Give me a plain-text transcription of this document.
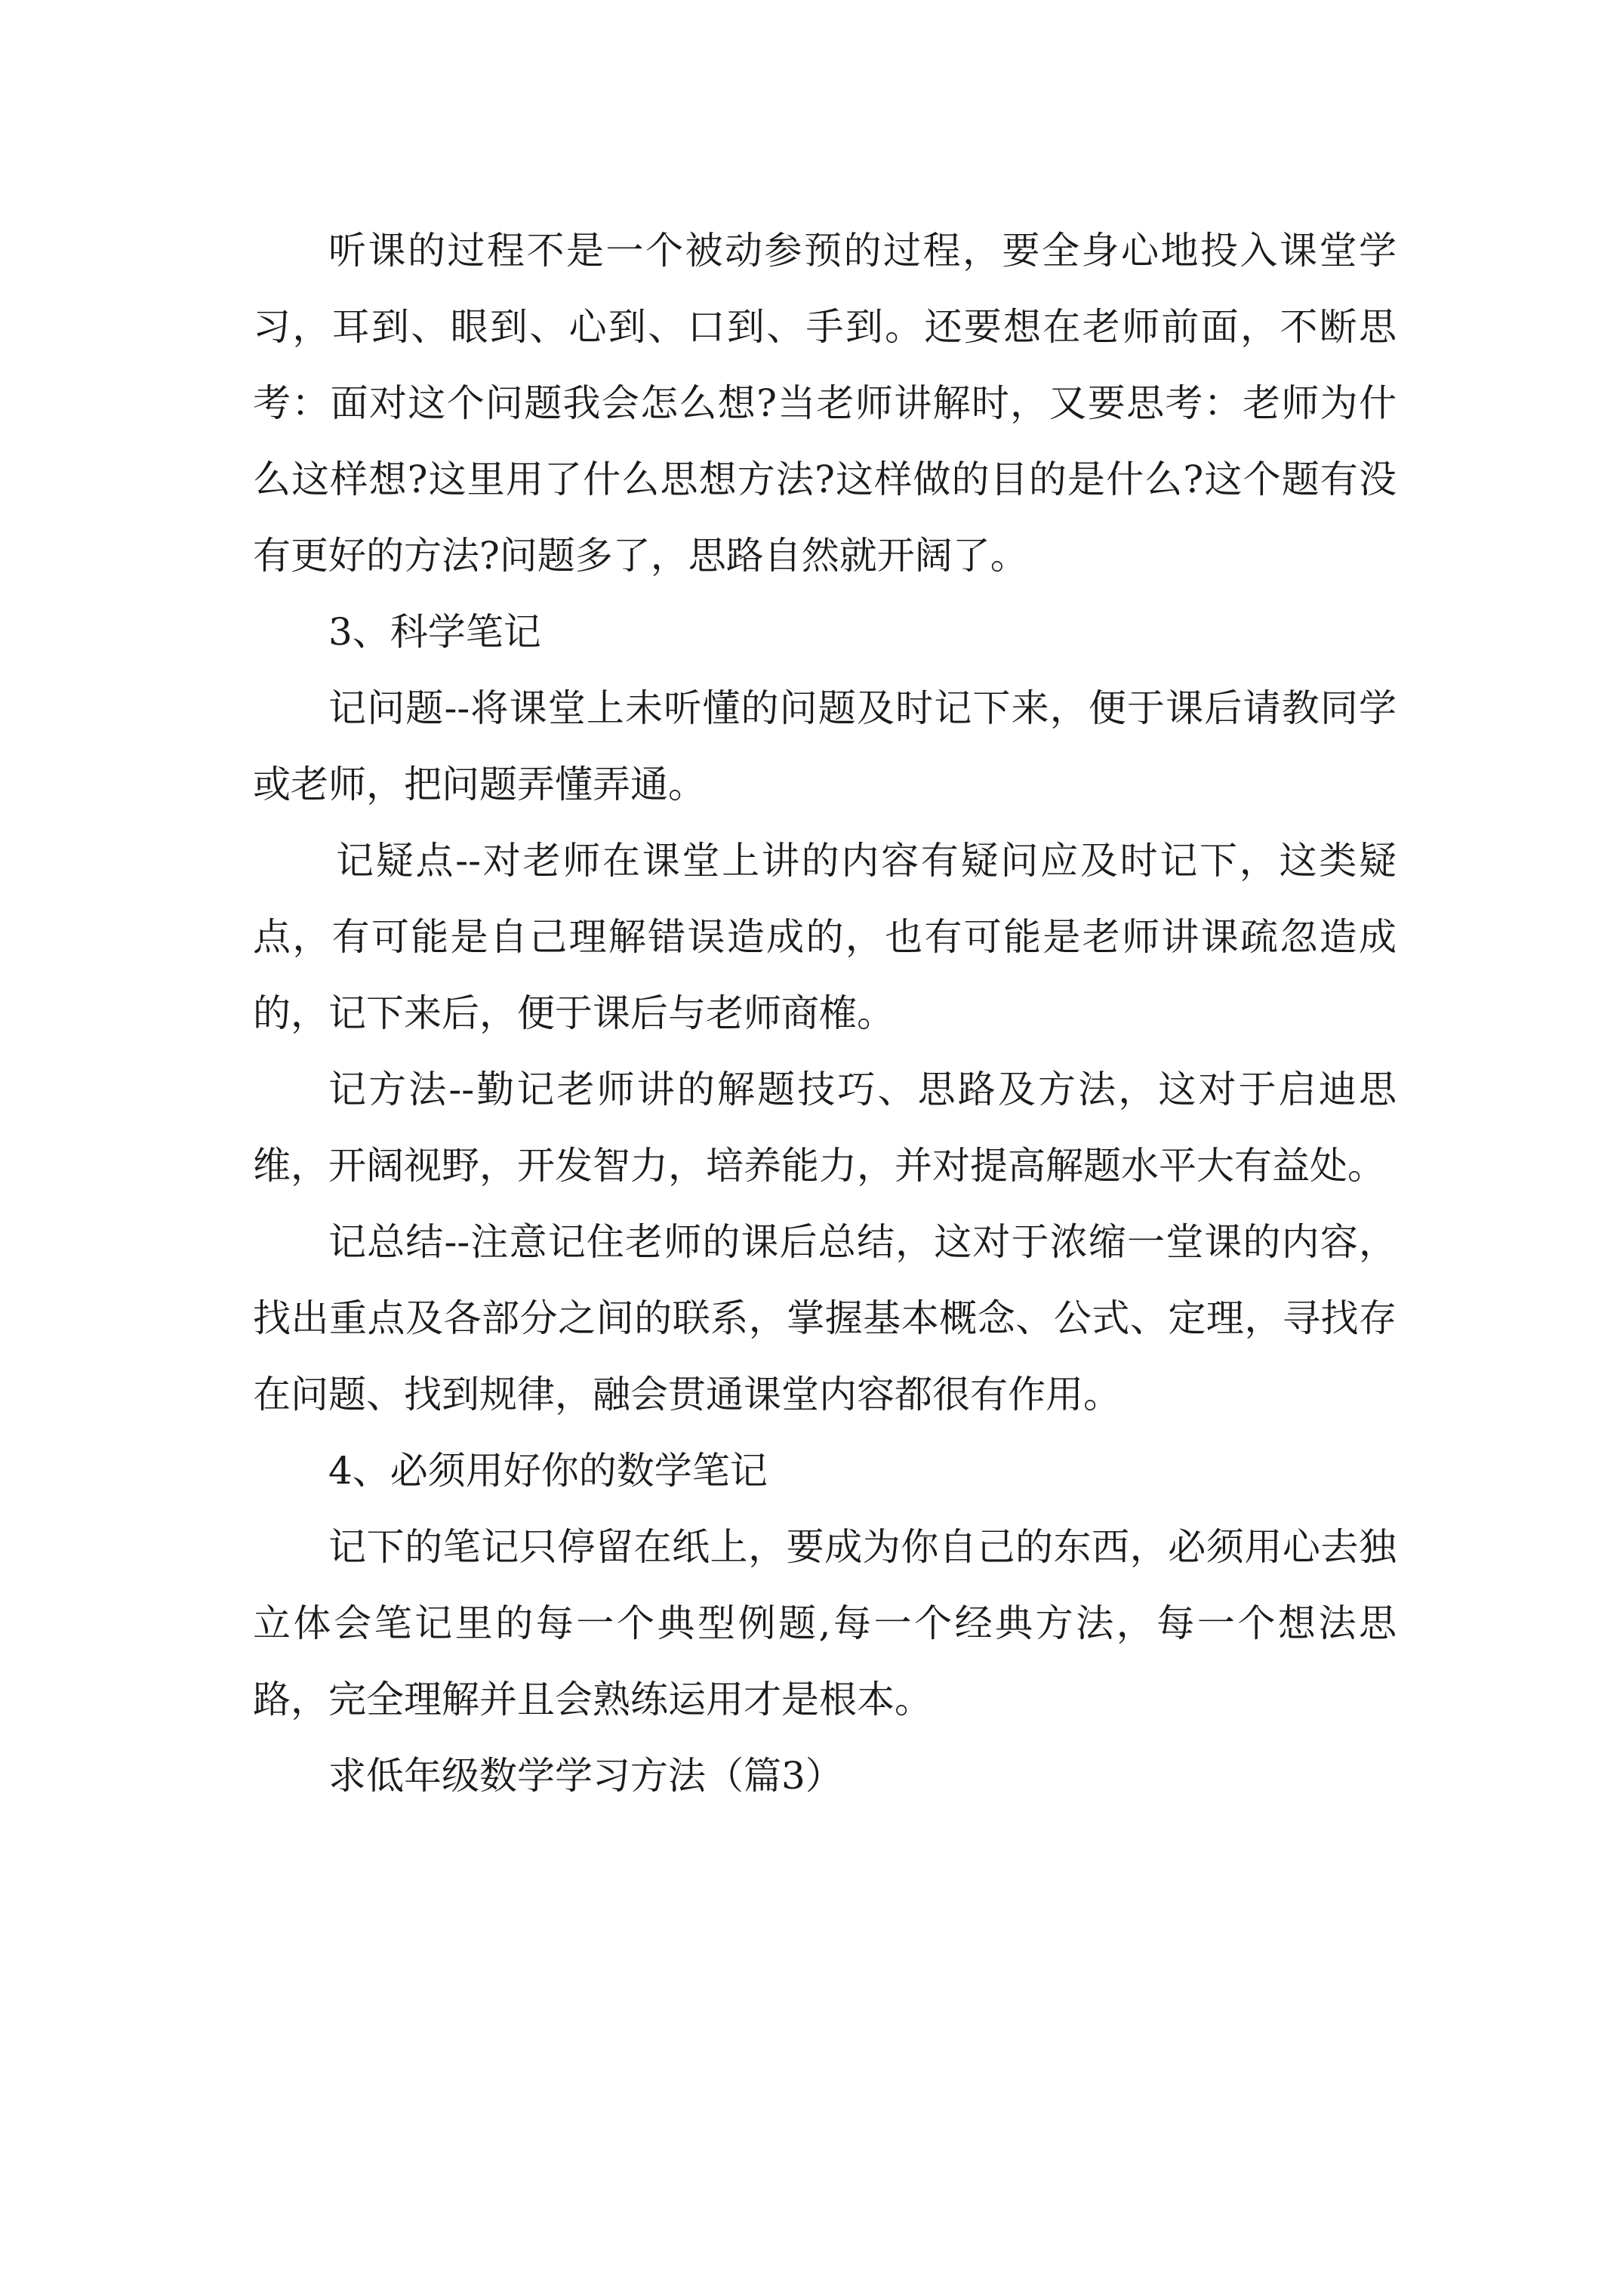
听课的过程不是一个被动参预的过程，要全身心地投入课堂学习，耳到、眼到、心到、口到、手到。还要想在老师前面，不断思考：面对这个问题我会怎么想?当老师讲解时，又要思考：老师为什么这样想?这里用了什么思想方法?这样做的目的是什么?这个题有没有更好的方法?问题多了，思路自然就开阔了。

3、科学笔记

记问题--将课堂上未听懂的问题及时记下来，便于课后请教同学或老师，把问题弄懂弄通。

记疑点--对老师在课堂上讲的内容有疑问应及时记下，这类疑点，有可能是自己理解错误造成的，也有可能是老师讲课疏忽造成的，记下来后，便于课后与老师商榷。

记方法--勤记老师讲的解题技巧、思路及方法，这对于启迪思维，开阔视野，开发智力，培养能力，并对提高解题水平大有益处。

记总结--注意记住老师的课后总结，这对于浓缩一堂课的内容，找出重点及各部分之间的联系，掌握基本概念、公式、定理，寻找存在问题、找到规律，融会贯通课堂内容都很有作用。

4、必须用好你的数学笔记

记下的笔记只停留在纸上，要成为你自己的东西，必须用心去独立体会笔记里的每一个典型例题,每一个经典方法，每一个想法思路，完全理解并且会熟练运用才是根本。

求低年级数学学习方法（篇3）
